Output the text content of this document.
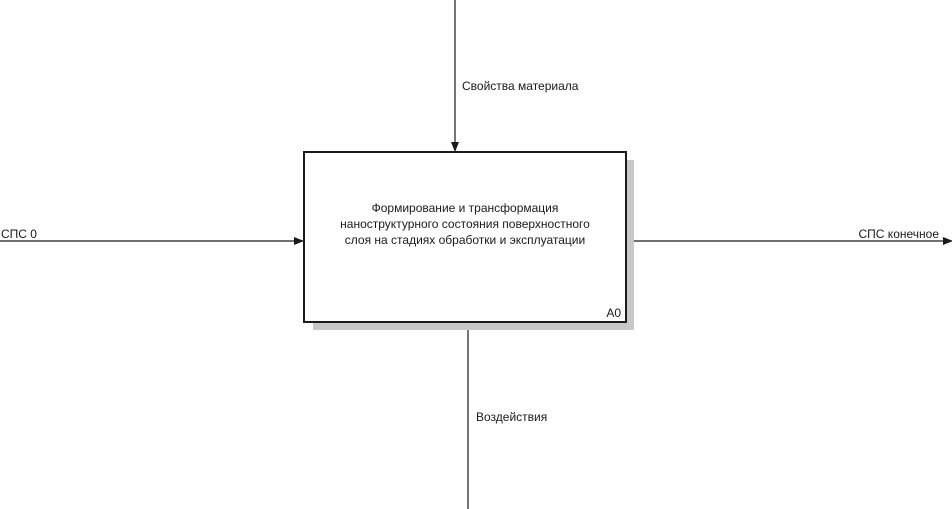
Формирование и трансформация наноструктурного состояния поверхностного слоя на стадиях обработки и эксплуатации
A0
Свойства материала
СПС 0	СПС конечное
Воздействия
